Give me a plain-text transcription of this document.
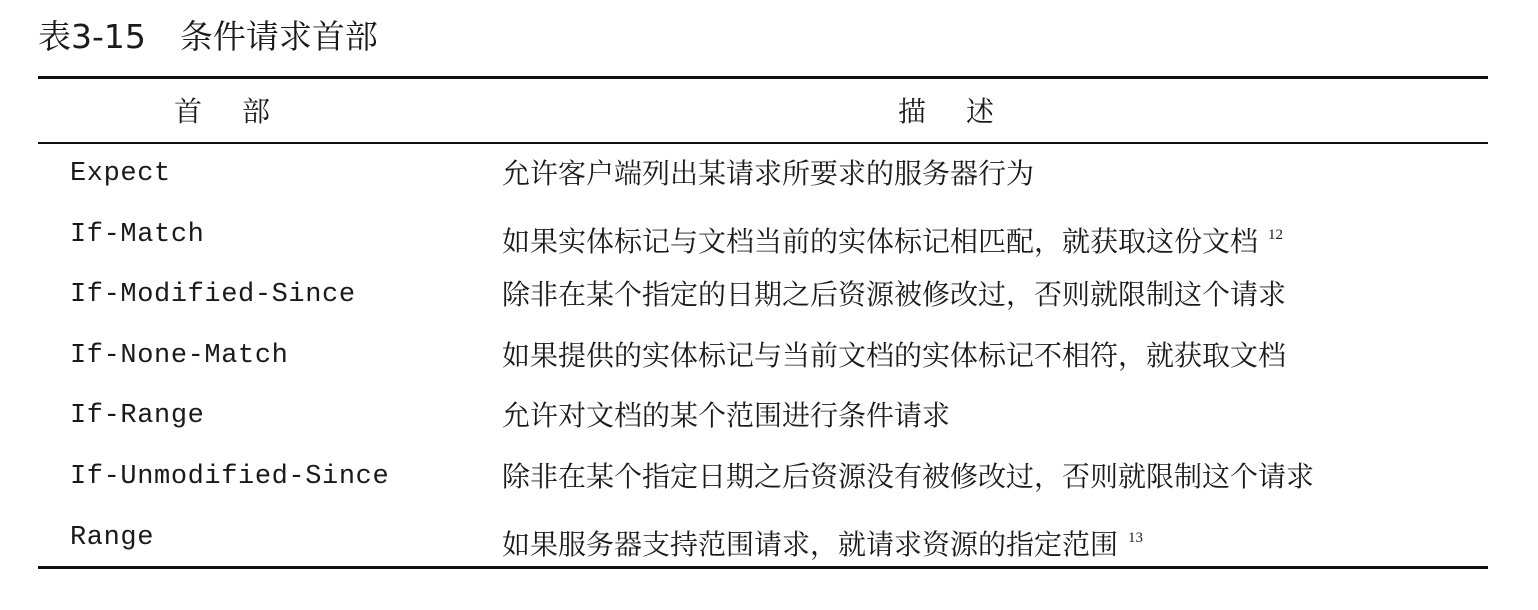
表3-15 条件请求首部
首部	描述
Expect	允许客户端列出某请求所要求的服务器行为
If-Match	如果实体标记与文档当前的实体标记相匹配，就获取这份文档 $^{12}$
If-Modified-Since	除非在某个指定的日期之后资源被修改过，否则就限制这个请求
If-None-Match	如果提供的实体标记与当前文档的实体标记不相符，就获取文档
If-Range	允许对文档的某个范围进行条件请求
If-Unmodified-Since	除非在某个指定日期之后资源没有被修改过，否则就限制这个请求
Range	如果服务器支持范围请求，就请求资源的指定范围 $^{13}$
